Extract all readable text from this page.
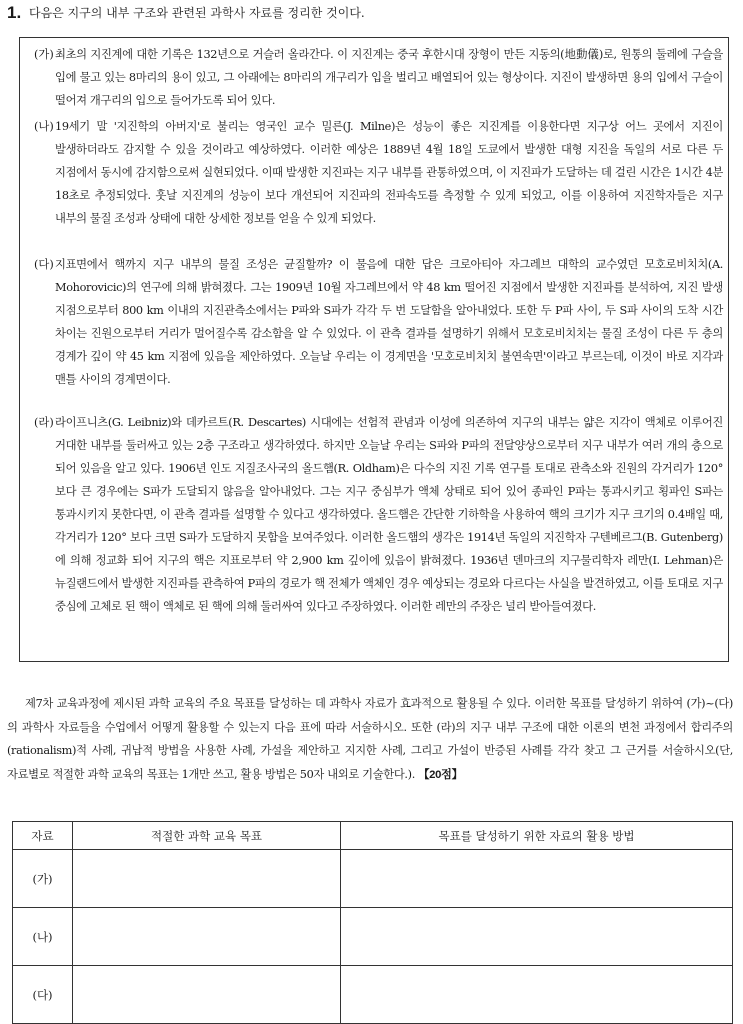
1. 다음은 지구의 내부 구조와 관련된 과학사 자료를 정리한 것이다.
(가) 최초의 지진계에 대한 기록은 132년으로 거슬러 올라간다. 이 지진계는 중국 후한시대 장형이 만든 지동의(地動儀)로, 원통의 둘레에 구슬을 입에 물고 있는 8마리의 용이 있고, 그 아래에는 8마리의 개구리가 입을 벌리고 배열되어 있는 형상이다. 지진이 발생하면 용의 입에서 구슬이 떨어져 개구리의 입으로 들어가도록 되어 있다.
(나) 19세기 말 '지진학의 아버지'로 불리는 영국인 교수 밀른(J. Milne)은 성능이 좋은 지진계를 이용한다면 지구상 어느 곳에서 지진이 발생하더라도 감지할 수 있을 것이라고 예상하였다. 이러한 예상은 1889년 4월 18일 도쿄에서 발생한 대형 지진을 독일의 서로 다른 두 지점에서 동시에 감지함으로써 실현되었다. 이때 발생한 지진파는 지구 내부를 관통하였으며, 이 지진파가 도달하는 데 걸린 시간은 1시간 4분 18초로 추정되었다. 훗날 지진계의 성능이 보다 개선되어 지진파의 전파속도를 측정할 수 있게 되었고, 이를 이용하여 지진학자들은 지구 내부의 물질 조성과 상태에 대한 상세한 정보를 얻을 수 있게 되었다.
(다) 지표면에서 핵까지 지구 내부의 물질 조성은 균질할까? 이 물음에 대한 답은 크로아티아 자그레브 대학의 교수였던 모호로비치치(A. Mohorovicic)의 연구에 의해 밝혀졌다. 그는 1909년 10월 자그레브에서 약 48 km 떨어진 지점에서 발생한 지진파를 분석하여, 지진 발생 지점으로부터 800 km 이내의 지진관측소에서는 P파와 S파가 각각 두 번 도달함을 알아내었다. 또한 두 P파 사이, 두 S파 사이의 도착 시간 차이는 진원으로부터 거리가 멀어질수록 감소함을 알 수 있었다. 이 관측 결과를 설명하기 위해서 모호로비치치는 물질 조성이 다른 두 층의 경계가 깊이 약 45 km 지점에 있음을 제안하였다. 오늘날 우리는 이 경계면을 '모호로비치치 불연속면'이라고 부르는데, 이것이 바로 지각과 맨틀 사이의 경계면이다.
(라) 라이프니츠(G. Leibniz)와 데카르트(R. Descartes) 시대에는 선험적 관념과 이성에 의존하여 지구의 내부는 얇은 지각이 액체로 이루어진 거대한 내부를 둘러싸고 있는 2층 구조라고 생각하였다. 하지만 오늘날 우리는 S파와 P파의 전달양상으로부터 지구 내부가 여러 개의 층으로 되어 있음을 알고 있다. 1906년 인도 지질조사국의 올드햄(R. Oldham)은 다수의 지진 기록 연구를 토대로 관측소와 진원의 각거리가 120°보다 큰 경우에는 S파가 도달되지 않음을 알아내었다. 그는 지구 중심부가 액체 상태로 되어 있어 종파인 P파는 통과시키고 횡파인 S파는 통과시키지 못한다면, 이 관측 결과를 설명할 수 있다고 생각하였다. 올드햄은 간단한 기하학을 사용하여 핵의 크기가 지구 크기의 0.4배일 때, 각거리가 120° 보다 크면 S파가 도달하지 못함을 보여주었다. 이러한 올드햄의 생각은 1914년 독일의 지진학자 구텐베르그(B. Gutenberg)에 의해 정교화 되어 지구의 핵은 지표로부터 약 2,900 km 깊이에 있음이 밝혀졌다. 1936년 덴마크의 지구물리학자 레만(I. Lehman)은 뉴질랜드에서 발생한 지진파를 관측하여 P파의 경로가 핵 전체가 액체인 경우 예상되는 경로와 다르다는 사실을 발견하였고, 이를 토대로 지구 중심에 고체로 된 핵이 액체로 된 핵에 의해 둘러싸여 있다고 주장하였다. 이러한 레만의 주장은 널리 받아들여졌다.
제7차 교육과정에 제시된 과학 교육의 주요 목표를 달성하는 데 과학사 자료가 효과적으로 활용될 수 있다. 이러한 목표를 달성하기 위하여 (가)~(다)의 과학사 자료들을 수업에서 어떻게 활용할 수 있는지 다음 표에 따라 서술하시오. 또한 (라)의 지구 내부 구조에 대한 이론의 변천 과정에서 합리주의(rationalism)적 사례, 귀납적 방법을 사용한 사례, 가설을 제안하고 지지한 사례, 그리고 가설이 반증된 사례를 각각 찾고 그 근거를 서술하시오(단, 자료별로 적절한 과학 교육의 목표는 1개만 쓰고, 활용 방법은 50자 내외로 기술한다.). 【20점】
자료	적절한 과학 교육 목표	목표를 달성하기 위한 자료의 활용 방법
(가)		
(나)		
(다)		
